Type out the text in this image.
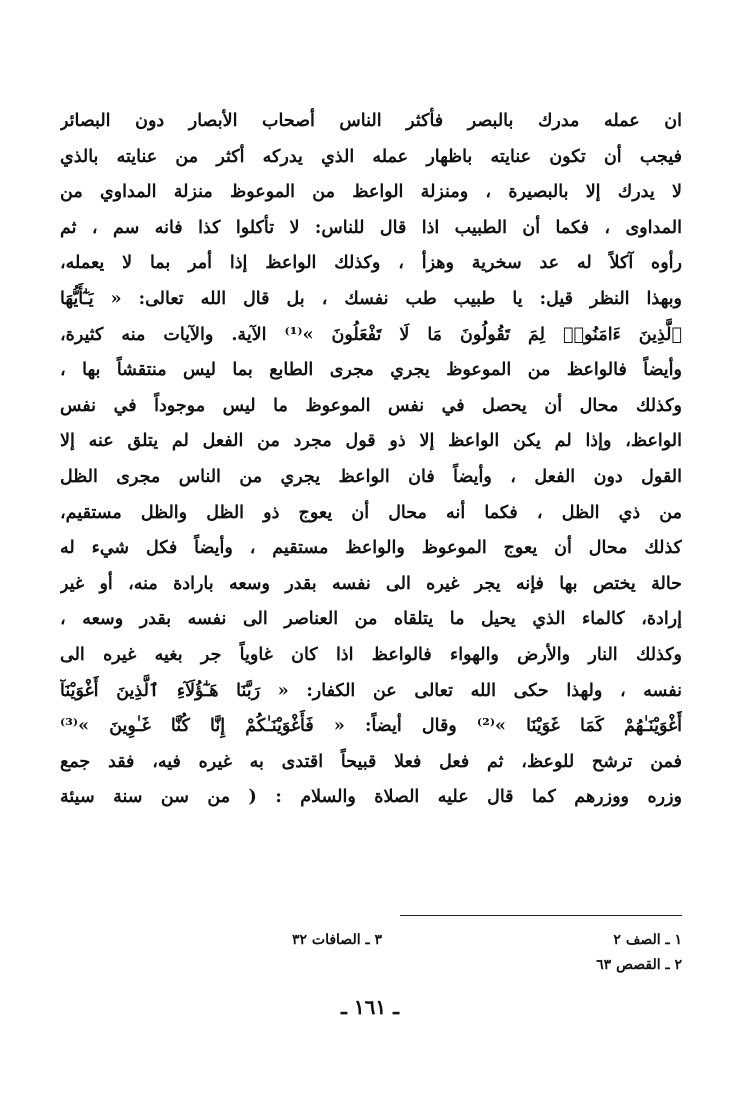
ان عمله مدرك بالبصر فأكثر الناس أصحاب الأبصار دون البصائر
فيجب أن تكون عنايته باظهار عمله الذي يدركه أكثر من عنايته بالذي
لا يدرك إلا بالبصيرة ، ومنزلة الواعظ من الموعوظ منزلة المداوي من
المداوى ، فكما أن الطبيب اذا قال للناس: لا تأكلوا كذا فانه سم ، ثم
رأوه آكلاً له عد سخرية وهزأ ، وكذلك الواعظ إذا أمر بما لا يعمله،
وبهذا النظر قيل: يا طبيب طب نفسك ، بل قال الله تعالى: « يَـٰٓأَيُّهَا
ٱلَّذِينَ ءَامَنُوا۟ لِمَ تَقُولُونَ مَا لَا تَفْعَلُونَ »⁽¹⁾ الآية. والآيات منه كثيرة،
وأيضاً فالواعظ من الموعوظ يجري مجرى الطابع بما ليس منتقشاً بها ،
وكذلك محال أن يحصل في نفس الموعوظ ما ليس موجوداً في نفس
الواعظ، وإذا لم يكن الواعظ إلا ذو قول مجرد من الفعل لم يتلق عنه إلا
القول دون الفعل ، وأيضاً فان الواعظ يجري من الناس مجرى الظل
من ذي الظل ، فكما أنه محال أن يعوج ذو الظل والظل مستقيم،
كذلك محال أن يعوج الموعوظ والواعظ مستقيم ، وأيضاً فكل شيء له
حالة يختص بها فإنه يجر غيره الى نفسه بقدر وسعه بارادة منه، أو غير
إرادة، كالماء الذي يحيل ما يتلقاه من العناصر الى نفسه بقدر وسعه ،
وكذلك النار والأرض والهواء فالواعظ اذا كان غاوياً جر بغيه غيره الى
نفسه ، ولهذا حكى الله تعالى عن الكفار: « رَبَّنَا هَـٰٓؤُلَآءِ ٱلَّذِينَ أَغْوَيْنَآ
أَغْوَيْنَـٰهُمْ كَمَا غَوَيْنَا »⁽²⁾ وقال أيضاً: « فَأَغْوَيْنَـٰكُمْ إِنَّا كُنَّا غَـٰوِينَ »⁽³⁾
فمن ترشح للوعظ، ثم فعل فعلا قبيحاً اقتدى به غيره فيه، فقد جمع
وزره ووزرهم كما قال عليه الصلاة والسلام : ( من سن سنة سيئة
١ ـ الصف ٢
٣ ـ الصافات ٣٢
٢ ـ القصص ٦٣
ـ ١٦١ ـ
